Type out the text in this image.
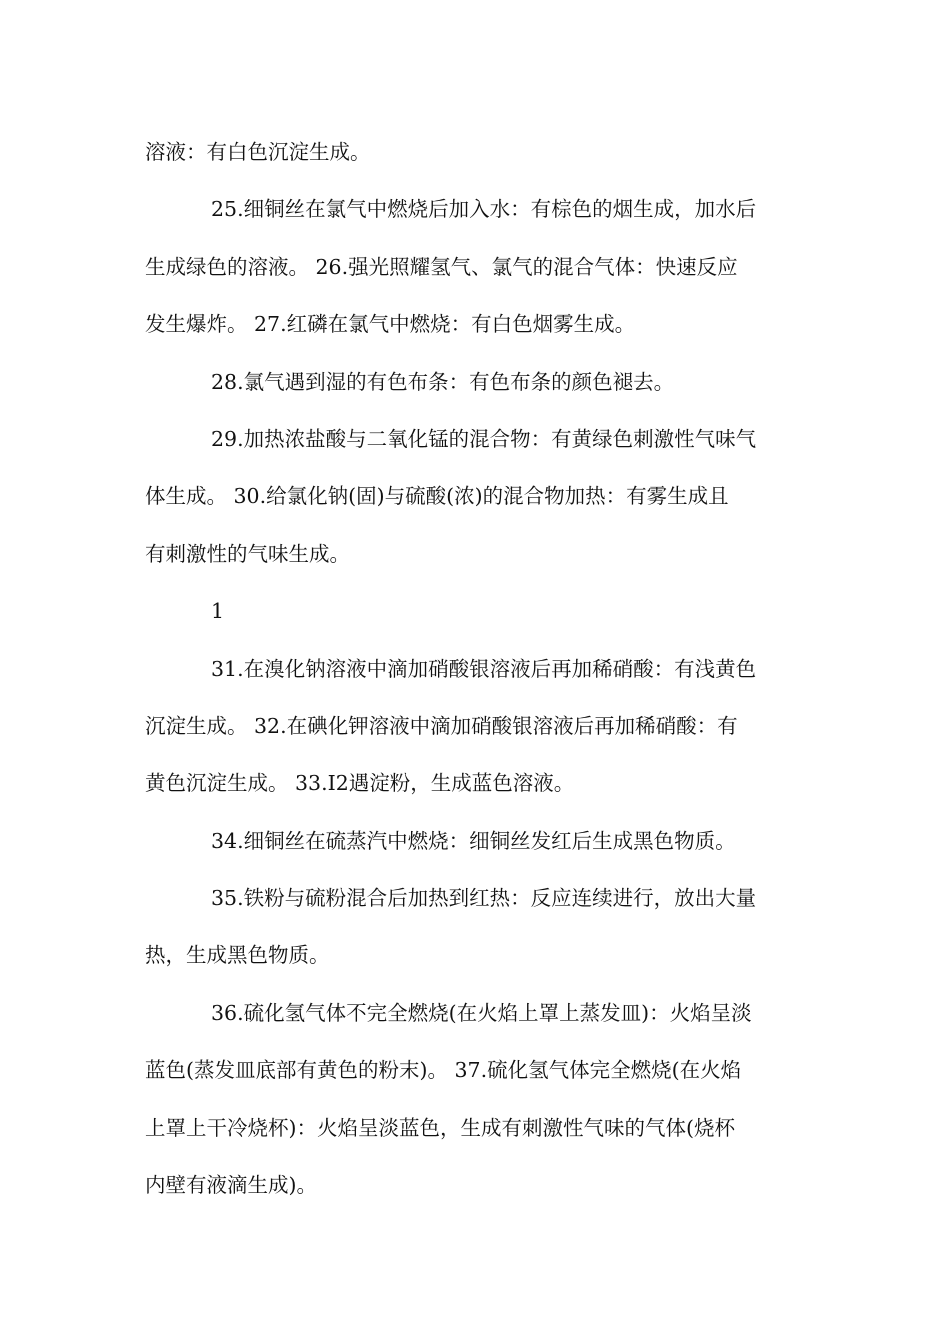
溶液：有白色沉淀生成。
25.细铜丝在氯气中燃烧后加入水：有棕色的烟生成，加水后
生成绿色的溶液。 26.强光照耀氢气、氯气的混合气体：快速反应
发生爆炸。 27.红磷在氯气中燃烧：有白色烟雾生成。
28.氯气遇到湿的有色布条：有色布条的颜色褪去。
29.加热浓盐酸与二氧化锰的混合物：有黄绿色刺激性气味气
体生成。 30.给氯化钠(固)与硫酸(浓)的混合物加热：有雾生成且
有刺激性的气味生成。
1
31.在溴化钠溶液中滴加硝酸银溶液后再加稀硝酸：有浅黄色
沉淀生成。 32.在碘化钾溶液中滴加硝酸银溶液后再加稀硝酸：有
黄色沉淀生成。 33.I2遇淀粉，生成蓝色溶液。
34.细铜丝在硫蒸汽中燃烧：细铜丝发红后生成黑色物质。
35.铁粉与硫粉混合后加热到红热：反应连续进行，放出大量
热，生成黑色物质。
36.硫化氢气体不完全燃烧(在火焰上罩上蒸发皿)：火焰呈淡
蓝色(蒸发皿底部有黄色的粉末)。 37.硫化氢气体完全燃烧(在火焰
上罩上干冷烧杯)：火焰呈淡蓝色，生成有刺激性气味的气体(烧杯
内壁有液滴生成)。
